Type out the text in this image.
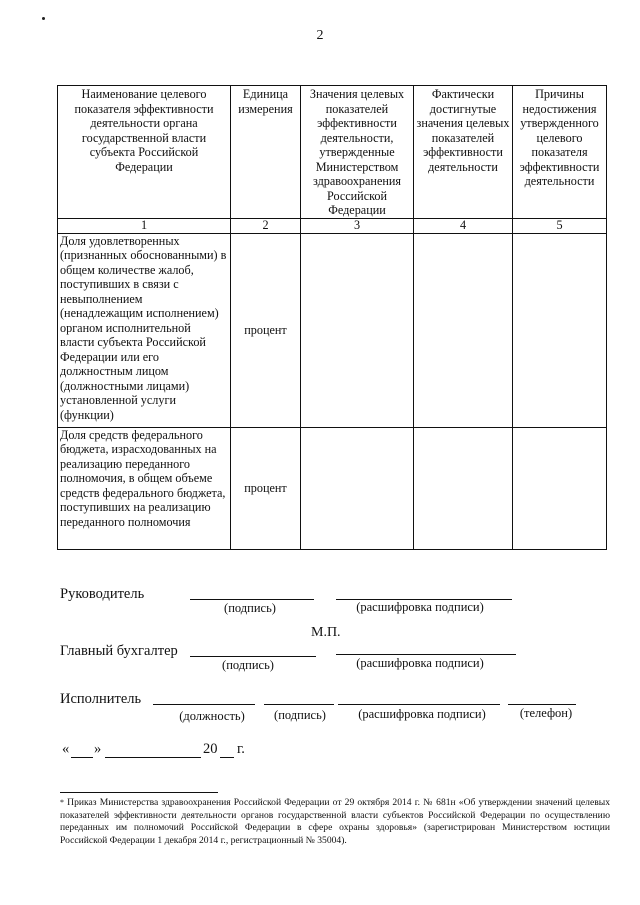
2
Наименование целевого показателя эффективности деятельности органа государственной власти субъекта Российской Федерации	Единица измерения	Значения целевых показателей эффективности деятельности, утвержденные Министерством здравоохранения Российской Федерации	Фактически достигнутые значения целевых показателей эффективности деятельности	Причины недостижения утвержденного целевого показателя эффективности деятельности
1	2	3	4	5
Доля удовлетворенных (признанных обоснованными) в общем количестве жалоб, поступивших в связи с невыполнением (ненадлежащим исполнением) органом исполнительной власти субъекта Российской Федерации или его должностным лицом (должностными лицами) установленной услуги (функции)	процент			
Доля средств федерального бюджета, израсходованных на реализацию переданного полномочия, в общем объеме средств федерального бюджета, поступивших на реализацию переданного полномочия	процент			
Руководитель
(подпись)	(расшифровка подписи)
М.П.
Главный бухгалтер
(подпись)	(расшифровка подписи)
Исполнитель
(должность)	(подпись)	(расшифровка подписи)	(телефон)
« »	20 г.
* Приказ Министерства здравоохранения Российской Федерации от 29 октября 2014 г. № 681н «Об утверждении значений целевых показателей эффективности деятельности органов государственной власти субъектов Российской Федерации по осуществлению переданных им полномочий Российской Федерации в сфере охраны здоровья» (зарегистрирован Министерством юстиции Российской Федерации 1 декабря 2014 г., регистрационный № 35004).
